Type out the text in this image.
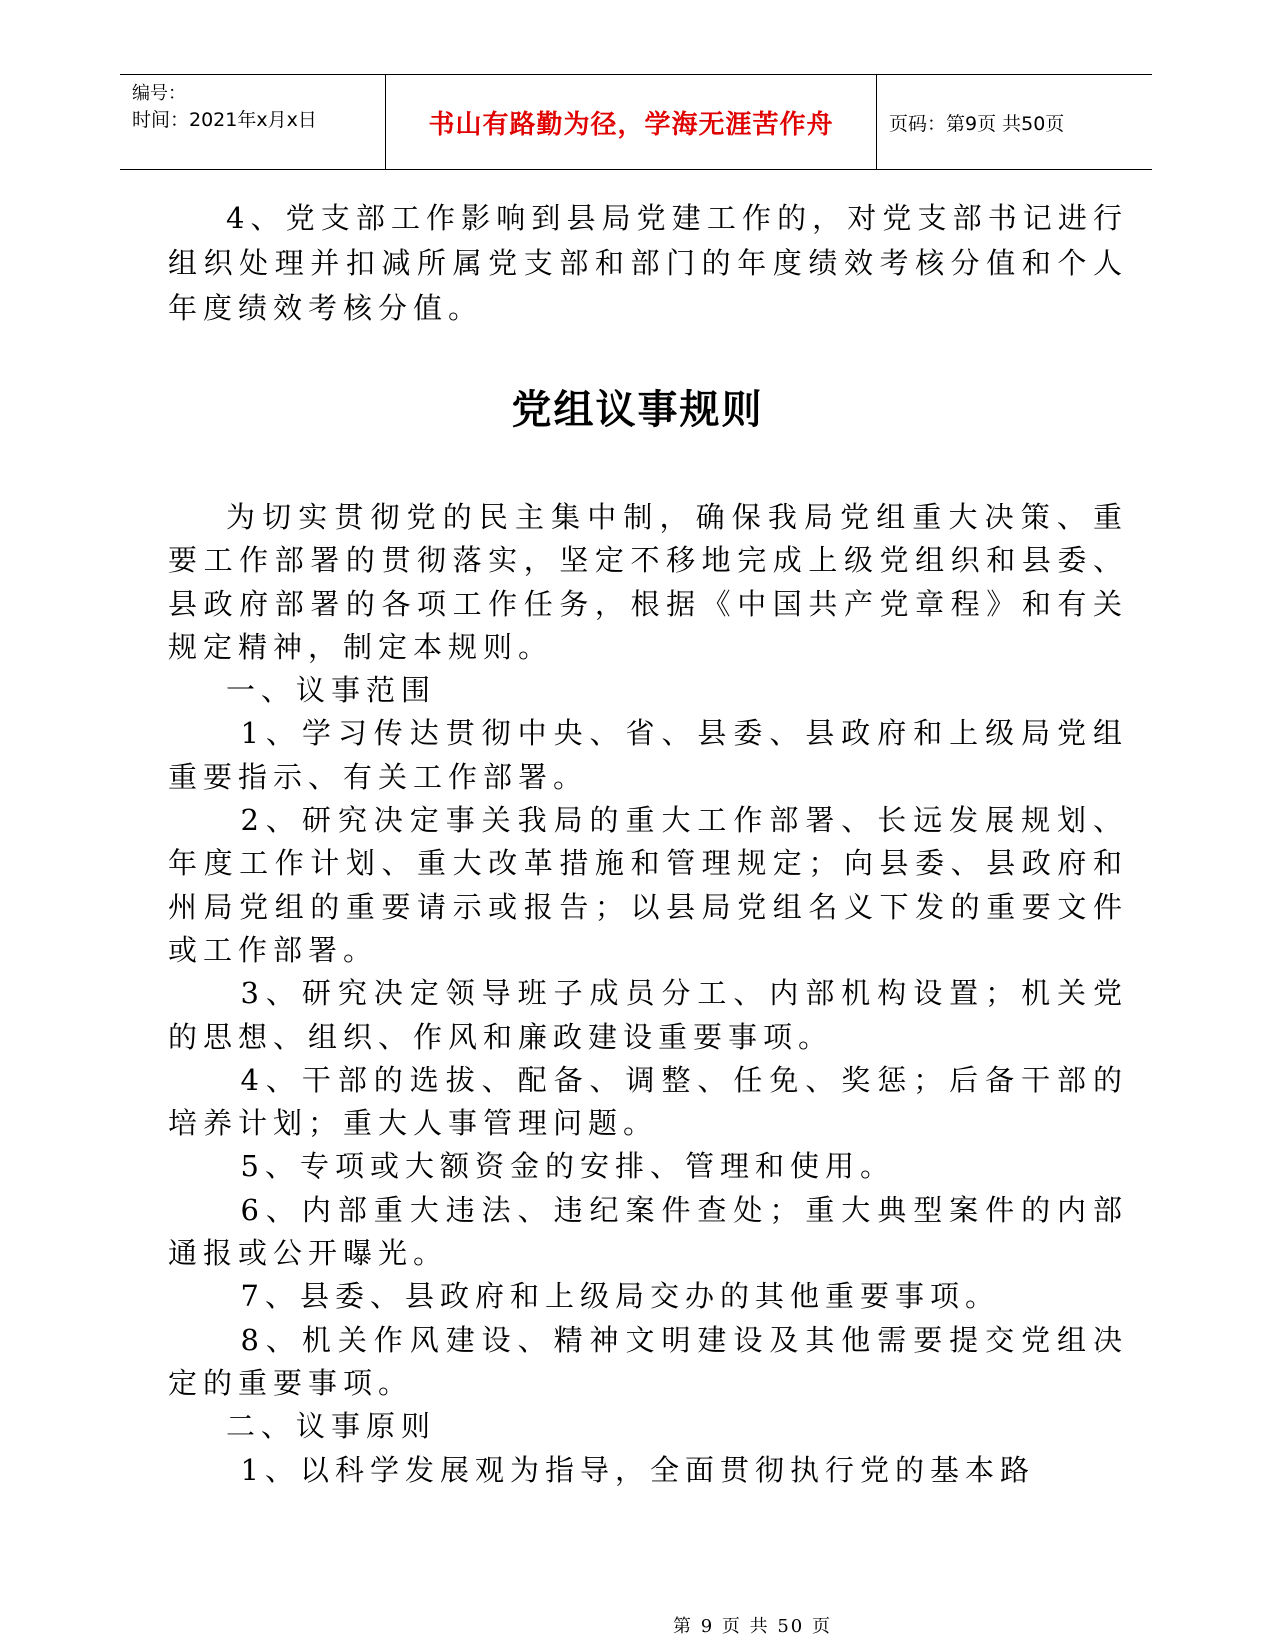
编号：
时间：2021年x月x日	书山有路勤为径，学海无涯苦作舟	页码：第9页 共50页

4、党支部工作影响到县局党建工作的，对党支部书记进行组织处理并扣减所属党支部和部门的年度绩效考核分值和个人年度绩效考核分值。

党组议事规则

为切实贯彻党的民主集中制，确保我局党组重大决策、重要工作部署的贯彻落实，坚定不移地完成上级党组织和县委、县政府部署的各项工作任务，根据《中国共产党章程》和有关规定精神，制定本规则。

一、议事范围

1、学习传达贯彻中央、省、县委、县政府和上级局党组重要指示、有关工作部署。

2、研究决定事关我局的重大工作部署、长远发展规划、年度工作计划、重大改革措施和管理规定；向县委、县政府和州局党组的重要请示或报告；以县局党组名义下发的重要文件或工作部署。

3、研究决定领导班子成员分工、内部机构设置；机关党的思想、组织、作风和廉政建设重要事项。

4、干部的选拔、配备、调整、任免、奖惩；后备干部的培养计划；重大人事管理问题。

5、专项或大额资金的安排、管理和使用。

6、内部重大违法、违纪案件查处；重大典型案件的内部通报或公开曝光。

7、县委、县政府和上级局交办的其他重要事项。

8、机关作风建设、精神文明建设及其他需要提交党组决定的重要事项。

二、议事原则

1、以科学发展观为指导，全面贯彻执行党的基本路

第 9 页 共 50 页
